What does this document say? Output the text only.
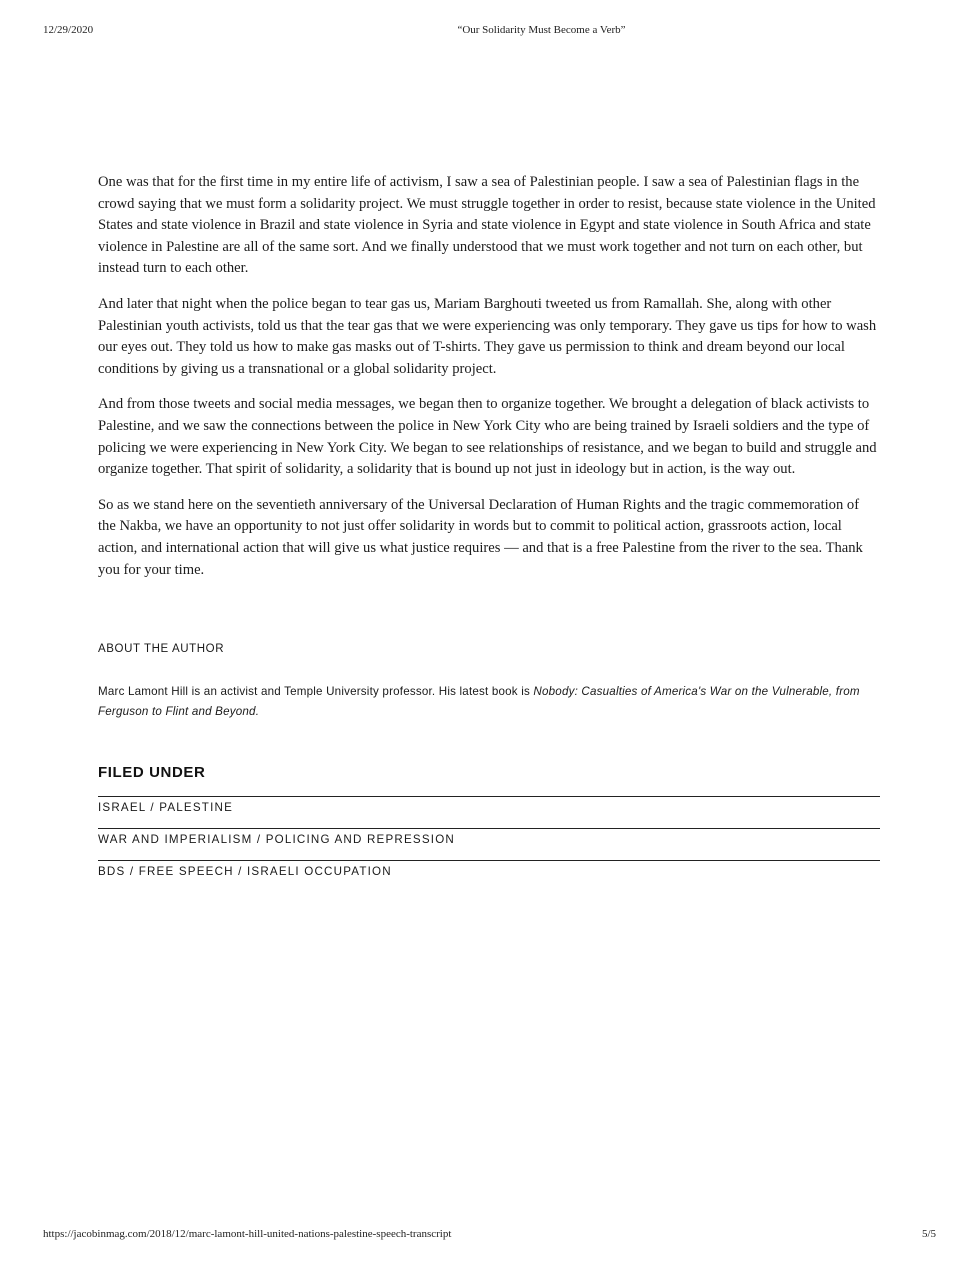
12/29/2020	“Our Solidarity Must Become a Verb”

One was that for the first time in my entire life of activism, I saw a sea of Palestinian people. I saw a sea of Palestinian flags in the crowd saying that we must form a solidarity project. We must struggle together in order to resist, because state violence in the United States and state violence in Brazil and state violence in Syria and state violence in Egypt and state violence in South Africa and state violence in Palestine are all of the same sort. And we finally understood that we must work together and not turn on each other, but instead turn to each other.

And later that night when the police began to tear gas us, Mariam Barghouti tweeted us from Ramallah. She, along with other Palestinian youth activists, told us that the tear gas that we were experiencing was only temporary. They gave us tips for how to wash our eyes out. They told us how to make gas masks out of T-shirts. They gave us permission to think and dream beyond our local conditions by giving us a transnational or a global solidarity project.

And from those tweets and social media messages, we began then to organize together. We brought a delegation of black activists to Palestine, and we saw the connections between the police in New York City who are being trained by Israeli soldiers and the type of policing we were experiencing in New York City. We began to see relationships of resistance, and we began to build and struggle and organize together. That spirit of solidarity, a solidarity that is bound up not just in ideology but in action, is the way out.

So as we stand here on the seventieth anniversary of the Universal Declaration of Human Rights and the tragic commemoration of the Nakba, we have an opportunity to not just offer solidarity in words but to commit to political action, grassroots action, local action, and international action that will give us what justice requires — and that is a free Palestine from the river to the sea. Thank you for your time.

ABOUT THE AUTHOR
Marc Lamont Hill is an activist and Temple University professor. His latest book is Nobody: Casualties of America's War on the Vulnerable, from Ferguson to Flint and Beyond.
FILED UNDER
ISRAEL / PALESTINE
WAR AND IMPERIALISM / POLICING AND REPRESSION
BDS / FREE SPEECH / ISRAELI OCCUPATION
https://jacobinmag.com/2018/12/marc-lamont-hill-united-nations-palestine-speech-transcript	5/5
